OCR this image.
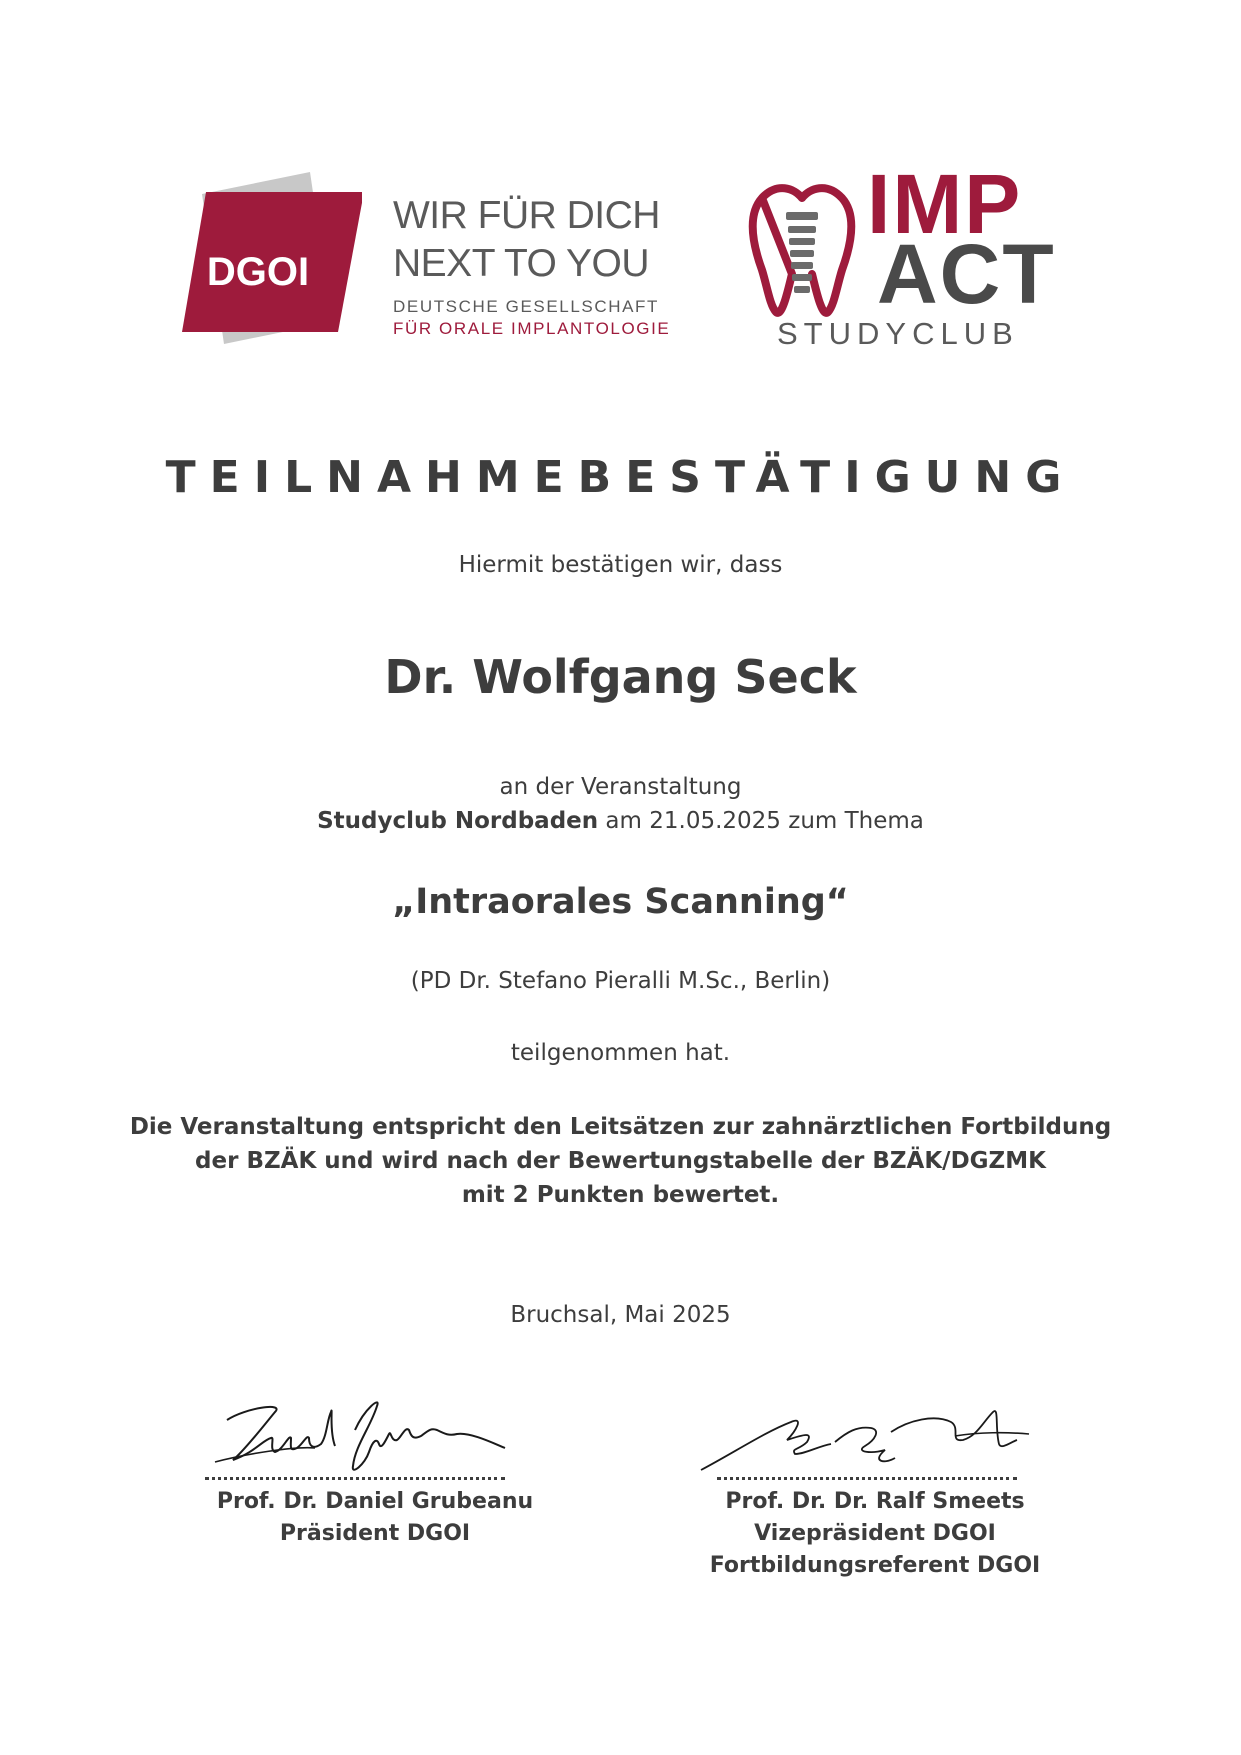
DGOI
WIR FÜR DICH
NEXT TO YOU
DEUTSCHE GESELLSCHAFT
FÜR ORALE IMPLANTOLOGIE
IMP
ACT
STUDYCLUB
TEILNAHMEBESTÄTIGUNG
Hiermit bestätigen wir, dass
Dr. Wolfgang Seck
an der Veranstaltung
Studyclub Nordbaden am 21.05.2025 zum Thema
„Intraorales Scanning“
(PD Dr. Stefano Pieralli M.Sc., Berlin)
teilgenommen hat.
Die Veranstaltung entspricht den Leitsätzen zur zahnärztlichen Fortbildung
der BZÄK und wird nach der Bewertungstabelle der BZÄK/DGZMK
mit 2 Punkten bewertet.
Bruchsal, Mai 2025
Prof. Dr. Daniel Grubeanu
Präsident DGOI
Prof. Dr. Dr. Ralf Smeets
Vizepräsident DGOI
Fortbildungsreferent DGOI
